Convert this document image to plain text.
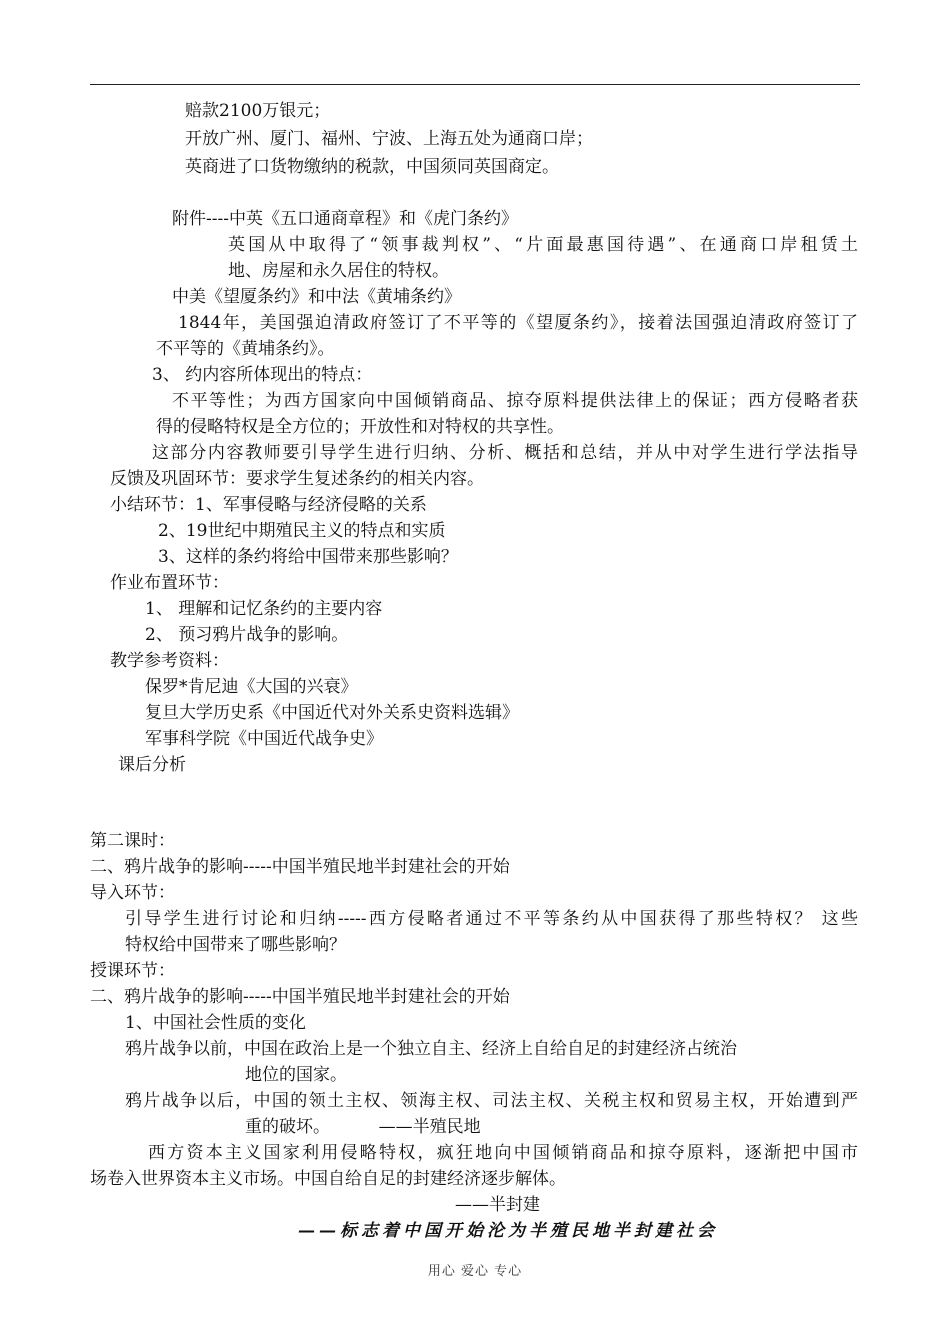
赔款2100万银元；
开放广州、厦门、福州、宁波、上海五处为通商口岸；
英商进了口货物缴纳的税款，中国须同英国商定。
附件----中英《五口通商章程》和《虎门条约》
英国从中取得了“领事裁判权”、“片面最惠国待遇”、在通商口岸租赁土
地、房屋和永久居住的特权。
中美《望厦条约》和中法《黄埔条约》
1844年，美国强迫清政府签订了不平等的《望厦条约》，接着法国强迫清政府签订了
不平等的《黄埔条约》。
3、 约内容所体现出的特点：
不平等性；为西方国家向中国倾销商品、掠夺原料提供法律上的保证；西方侵略者获
得的侵略特权是全方位的；开放性和对特权的共享性。
这部分内容教师要引导学生进行归纳、分析、概括和总结，并从中对学生进行学法指导
反馈及巩固环节：要求学生复述条约的相关内容。
小结环节：1、军事侵略与经济侵略的关系
2、19世纪中期殖民主义的特点和实质
3、这样的条约将给中国带来那些影响？
作业布置环节：
1、 理解和记忆条约的主要内容
2、 预习鸦片战争的影响。
教学参考资料：
保罗*肯尼迪《大国的兴衰》
复旦大学历史系《中国近代对外关系史资料选辑》
军事科学院《中国近代战争史》
课后分析
第二课时：
二、鸦片战争的影响-----中国半殖民地半封建社会的开始
导入环节：
引导学生进行讨论和归纳-----西方侵略者通过不平等条约从中国获得了那些特权？ 这些
特权给中国带来了哪些影响？
授课环节：
二、鸦片战争的影响-----中国半殖民地半封建社会的开始
1、中国社会性质的变化
鸦片战争以前，中国在政治上是一个独立自主、经济上自给自足的封建经济占统治
地位的国家。
鸦片战争以后，中国的领土主权、领海主权、司法主权、关税主权和贸易主权，开始遭到严
重的破坏。         ——半殖民地
西方资本主义国家利用侵略特权，疯狂地向中国倾销商品和掠夺原料，逐渐把中国市
场卷入世界资本主义市场。中国自给自足的封建经济逐步解体。
——半封建
——标志着中国开始沦为半殖民地半封建社会
用心 爱心 专心
